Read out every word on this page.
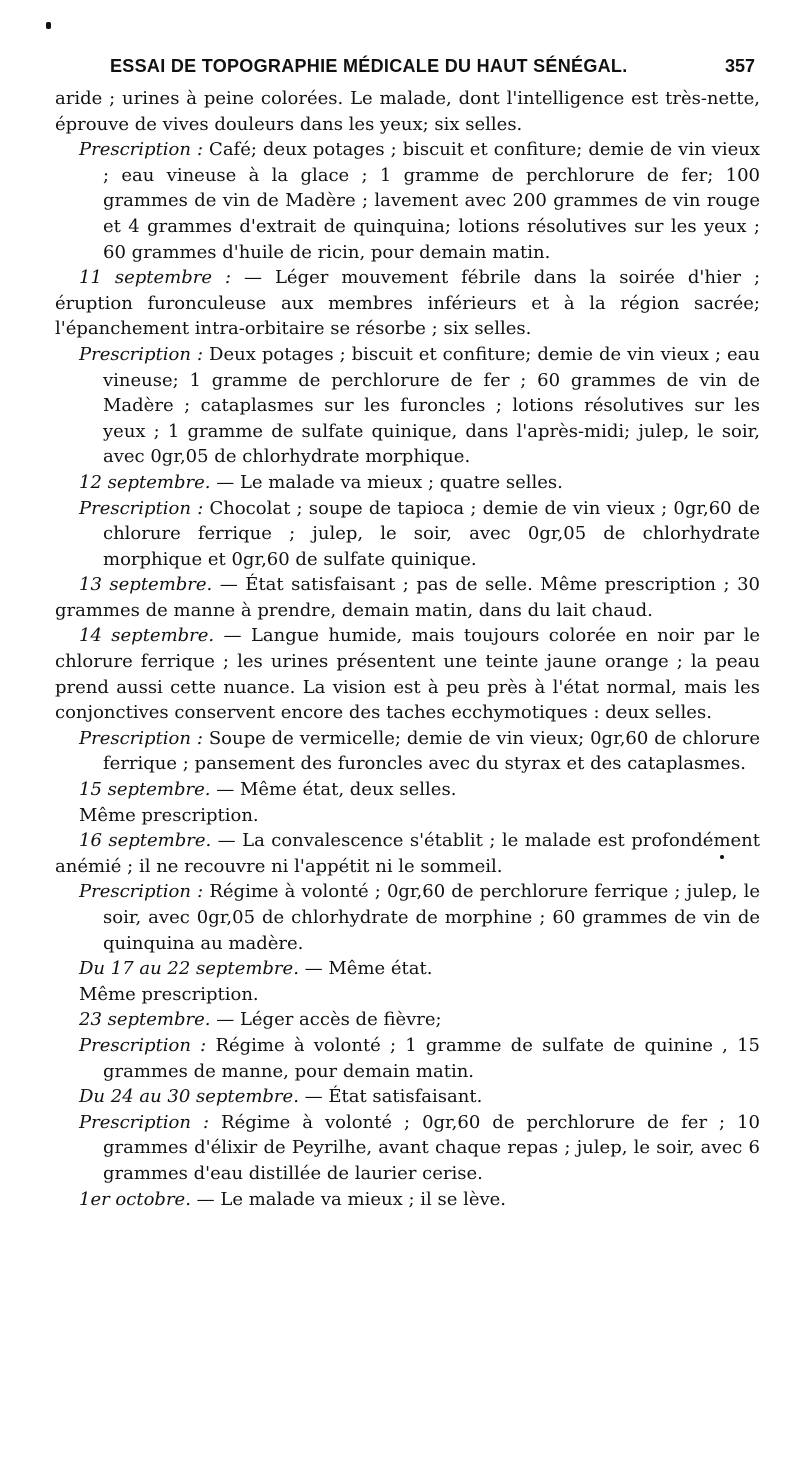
ESSAI DE TOPOGRAPHIE MÉDICALE DU HAUT SÉNÉGAL.	357

aride ; urines à peine colorées. Le malade, dont l'intelligence est très-nette, éprouve de vives douleurs dans les yeux; six selles.

Prescription : Café; deux potages ; biscuit et confiture; demie de vin vieux ; eau vineuse à la glace ; 1 gramme de perchlorure de fer; 100 grammes de vin de Madère ; lavement avec 200 grammes de vin rouge et 4 grammes d'extrait de quinquina; lotions résolutives sur les yeux ; 60 grammes d'huile de ricin, pour demain matin.

11 septembre : — Léger mouvement fébrile dans la soirée d'hier ; éruption furonculeuse aux membres inférieurs et à la région sacrée; l'épanchement intra-orbitaire se résorbe ; six selles.

Prescription : Deux potages ; biscuit et confiture; demie de vin vieux ; eau vineuse; 1 gramme de perchlorure de fer ; 60 grammes de vin de Madère ; cataplasmes sur les furoncles ; lotions résolutives sur les yeux ; 1 gramme de sulfate quinique, dans l'après-midi; julep, le soir, avec 0gr,05 de chlorhydrate morphique.

12 septembre. — Le malade va mieux ; quatre selles.

Prescription : Chocolat ; soupe de tapioca ; demie de vin vieux ; 0gr,60 de chlorure ferrique ; julep, le soir, avec 0gr,05 de chlorhydrate morphique et 0gr,60 de sulfate quinique.

13 septembre. — État satisfaisant ; pas de selle. Même prescription ; 30 grammes de manne à prendre, demain matin, dans du lait chaud.

14 septembre. — Langue humide, mais toujours colorée en noir par le chlorure ferrique ; les urines présentent une teinte jaune orange ; la peau prend aussi cette nuance. La vision est à peu près à l'état normal, mais les conjonctives conservent encore des taches ecchymotiques : deux selles.

Prescription : Soupe de vermicelle; demie de vin vieux; 0gr,60 de chlorure ferrique ; pansement des furoncles avec du styrax et des cataplasmes.

15 septembre. — Même état, deux selles.

Même prescription.

16 septembre. — La convalescence s'établit ; le malade est profondément anémié ; il ne recouvre ni l'appétit ni le sommeil.

Prescription : Régime à volonté ; 0gr,60 de perchlorure ferrique ; julep, le soir, avec 0gr,05 de chlorhydrate de morphine ; 60 grammes de vin de quinquina au madère.

Du 17 au 22 septembre. — Même état.

Même prescription.

23 septembre. — Léger accès de fièvre;

Prescription : Régime à volonté ; 1 gramme de sulfate de quinine , 15 grammes de manne, pour demain matin.

Du 24 au 30 septembre. — État satisfaisant.

Prescription : Régime à volonté ; 0gr,60 de perchlorure de fer ; 10 grammes d'élixir de Peyrilhe, avant chaque repas ; julep, le soir, avec 6 grammes d'eau distillée de laurier cerise.

1er octobre. — Le malade va mieux ; il se lève.
